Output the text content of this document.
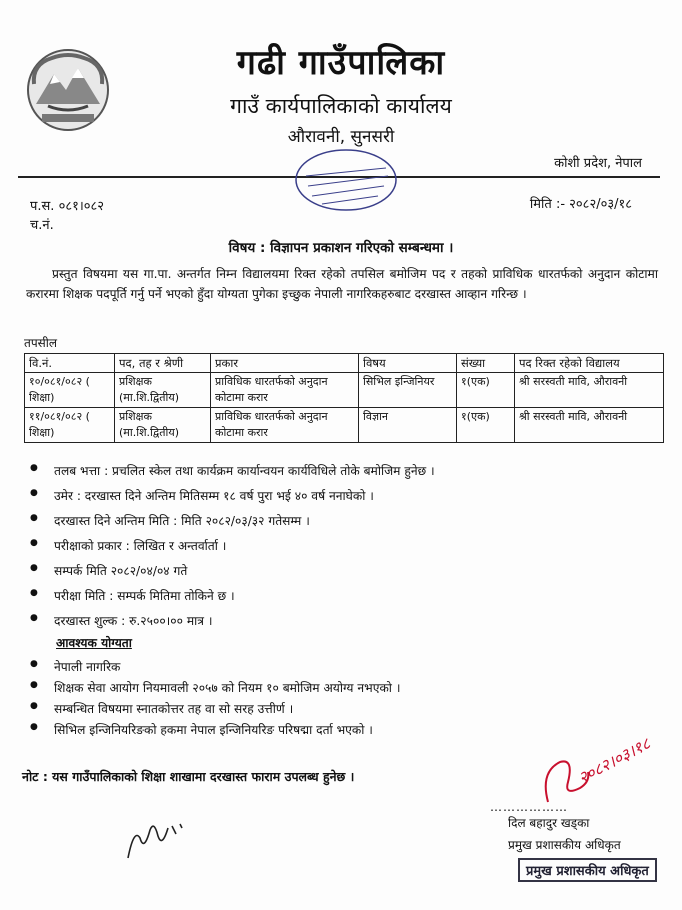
गढी गाउँपालिका
गाउँ कार्यपालिकाको कार्यालय
औरावनी, सुनसरी
कोशी प्रदेश, नेपाल
प.स. ०८१।०८२
च.नं.
मिति :- २०८२/०३/१८
विषय : विज्ञापन प्रकाशन गरिएको सम्बन्धमा ।
प्रस्तुत विषयमा यस गा.पा. अन्तर्गत निम्न विद्यालयमा रिक्त रहेको तपसिल बमोजिम पद र तहको प्राविधिक धारतर्फको अनुदान कोटामा करारमा शिक्षक पदपूर्ति गर्नु पर्ने भएको हुँदा योग्यता पुगेका इच्छुक नेपाली नागरिकहरुबाट दरखास्त आव्हान गरिन्छ ।
तपसील
वि.नं.	पद, तह र श्रेणी	प्रकार	विषय	संख्या	पद रिक्त रहेको विद्यालय
१०/०८१/०८२ ( शिक्षा)	प्रशिक्षक (मा.शि.द्वितीय)	प्राविधिक धारतर्फको अनुदान कोटामा करार	सिभिल इन्जिनियर	१(एक)	श्री सरस्वती मावि, औरावनी
११/०८१/०८२ ( शिक्षा)	प्रशिक्षक (मा.शि.द्वितीय)	प्राविधिक धारतर्फको अनुदान कोटामा करार	विज्ञान	१(एक)	श्री सरस्वती मावि, औरावनी
● तलब भत्ता : प्रचलित स्केल तथा कार्यक्रम कार्यान्वयन कार्यविधिले तोके बमोजिम हुनेछ ।
● उमेर : दरखास्त दिने अन्तिम मितिसम्म १८ वर्ष पुरा भई ४० वर्ष ननाघेको ।
● दरखास्त दिने अन्तिम मिति : मिति २०८२/०३/३२ गतेसम्म ।
● परीक्षाको प्रकार : लिखित र अन्तर्वार्ता ।
● सम्पर्क मिति २०८२/०४/०४ गते
● परीक्षा मिति : सम्पर्क मितिमा तोकिने छ ।
● दरखास्त शुल्क : रु.२५००।०० मात्र ।
आवश्यक योग्यता
● नेपाली नागरिक
● शिक्षक सेवा आयोग नियमावली २०५७ को नियम १० बमोजिम अयोग्य नभएको ।
● सम्बन्धित विषयमा स्नातकोत्तर तह वा सो सरह उत्तीर्ण ।
● सिभिल इन्जिनियरिङको हकमा नेपाल इन्जिनियरिङ परिषद्मा दर्ता भएको ।
नोट : यस गाउँपालिकाको शिक्षा शाखामा दरखास्त फाराम उपलब्ध हुनेछ ।	२०८२।०३।१८
………………
दिल बहादुर खड्का
प्रमुख प्रशासकीय अधिकृत
प्रमुख प्रशासकीय अधिकृत
